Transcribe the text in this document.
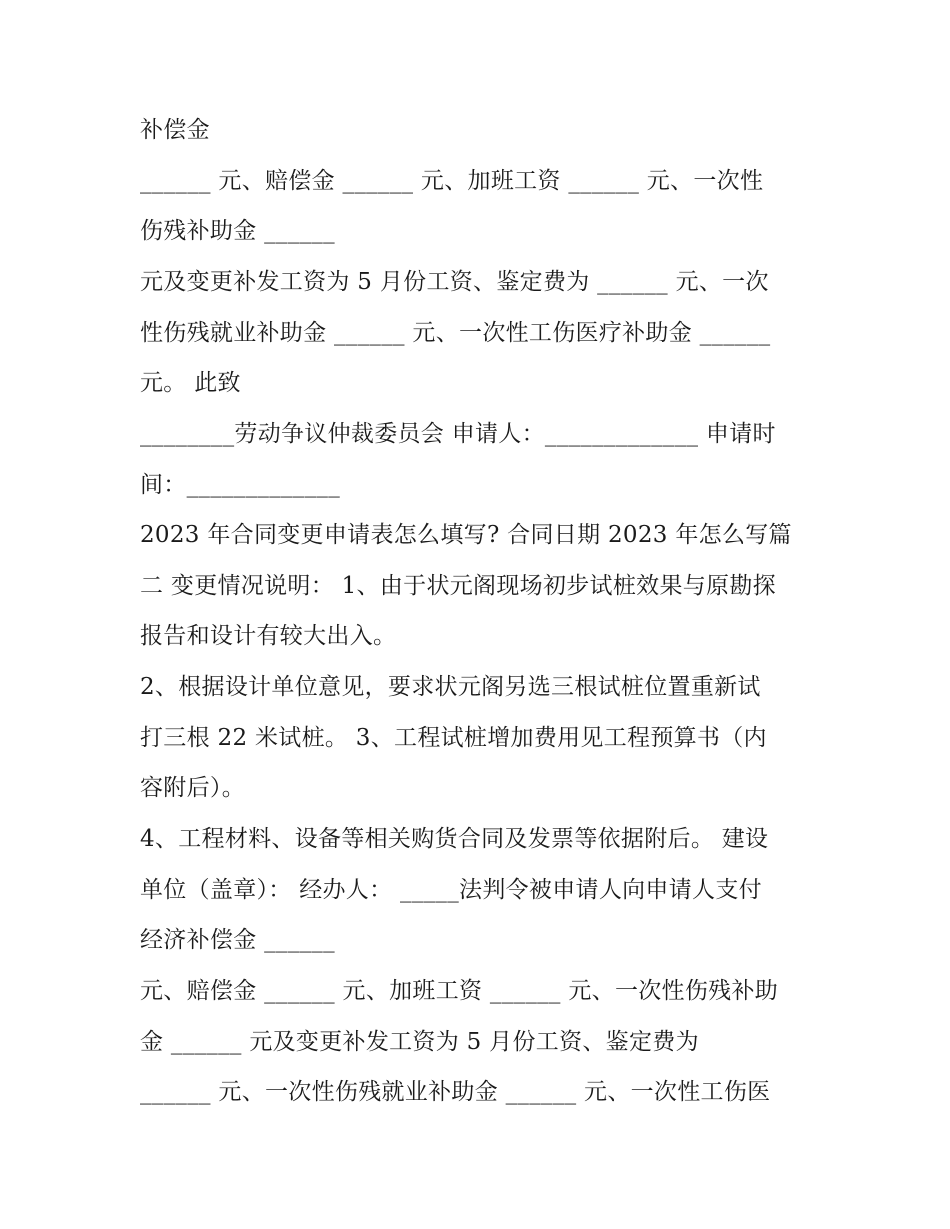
补偿金
______ 元、赔偿金 ______ 元、加班工资 ______ 元、一次性
伤残补助金 ______
元及变更补发工资为 5 月份工资、鉴定费为 ______ 元、一次
性伤残就业补助金 ______ 元、一次性工伤医疗补助金 ______
元。 此致
________劳动争议仲裁委员会 申请人：_____________ 申请时
间：_____________
2023 年合同变更申请表怎么填写? 合同日期 2023 年怎么写篇
二 变更情况说明： 1、由于状元阁现场初步试桩效果与原勘探
报告和设计有较大出入。
2、根据设计单位意见，要求状元阁另选三根试桩位置重新试
打三根 22 米试桩。 3、工程试桩增加费用见工程预算书（内
容附后）。
4、工程材料、设备等相关购货合同及发票等依据附后。 建设
单位（盖章）： 经办人： _____法判令被申请人向申请人支付
经济补偿金 ______
元、赔偿金 ______ 元、加班工资 ______ 元、一次性伤残补助
金 ______ 元及变更补发工资为 5 月份工资、鉴定费为
______ 元、一次性伤残就业补助金 ______ 元、一次性工伤医
